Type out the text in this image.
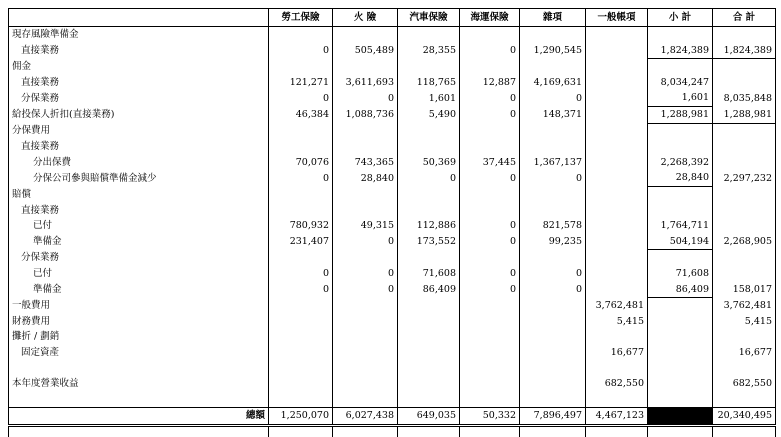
	勞工保險	火 險	汽車保險	海運保險	雜項	一般帳項	小 計	合 計
現存風險準備金								
直接業務	0	505,489	28,355	0	1,290,545		1,824,389	1,824,389
佣金								
直接業務	121,271	3,611,693	118,765	12,887	4,169,631		8,034,247	
分保業務	0	0	1,601	0	0		1,601	8,035,848
給投保人折扣(直接業務)	46,384	1,088,736	5,490	0	148,371		1,288,981	1,288,981
分保費用								
直接業務								
分出保費	70,076	743,365	50,369	37,445	1,367,137		2,268,392	
分保公司參與賠償準備金減少	0	28,840	0	0	0		28,840	2,297,232
賠償								
直接業務								
已付	780,932	49,315	112,886	0	821,578		1,764,711	
準備金	231,407	0	173,552	0	99,235		504,194	2,268,905
分保業務								
已付	0	0	71,608	0	0		71,608	
準備金	0	0	86,409	0	0		86,409	158,017
一般費用						3,762,481		3,762,481
財務費用						5,415		5,415
攤折 / 劃銷								
固定資產						16,677		16,677

本年度營業收益						682,550		682,550

總額	1,250,070	6,027,438	649,035	50,332	7,896,497	4,467,123		20,340,495
